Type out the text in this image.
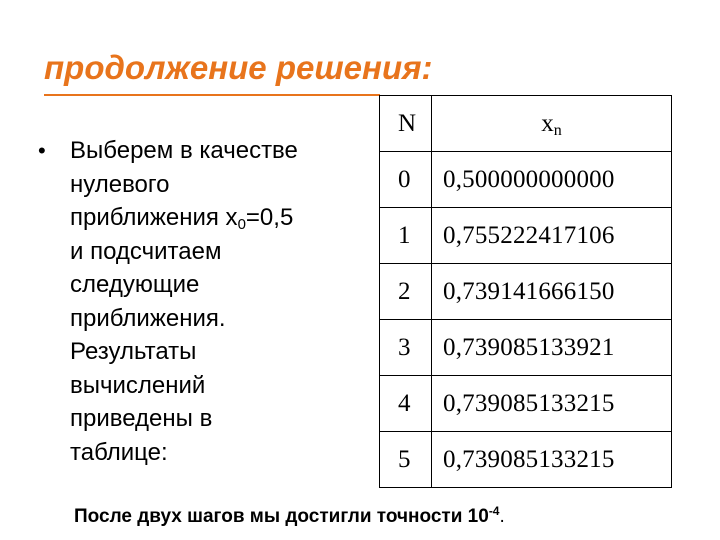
продолжение решения:
• Выберем в качестве
нулевого
приближения $x_0=0,5$
и подсчитаем
следующие
приближения.
Результаты
вычислений
приведены в
таблице:
N	$x_n$
0	0,500000000000
1	0,755222417106
2	0,739141666150
3	0,739085133921
4	0,739085133215
5	0,739085133215
После двух шагов мы достигли точности $10^{-4}$.
